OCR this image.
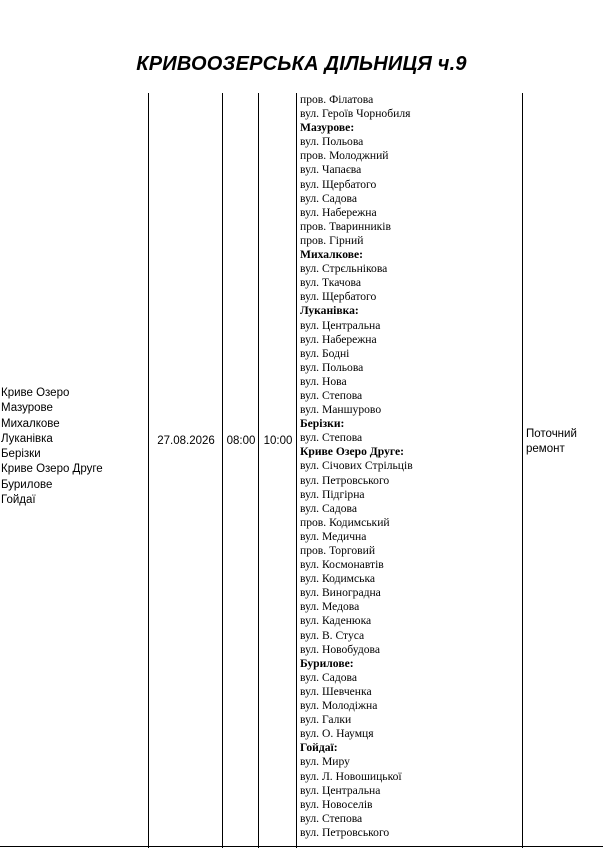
КРИВООЗЕРСЬКА ДІЛЬНИЦЯ ч.9
Криве Озеро
Мазурове
Михалкове
Луканівка
Берізки
Криве Озеро Друге
Бурилове
Гойдаї
27.08.2026	08:00 10:00
пров. Філатова
вул. Героїв Чорнобиля
Мазурове:
вул. Польова
пров. Молоджний
вул. Чапаєва
вул. Щербатого
вул. Садова
вул. Набережна
пров. Тваринників
пров. Гірний
Михалкове:
вул. Стрєльнікова
вул. Ткачова
вул. Щербатого
Луканівка:
вул. Центральна
вул. Набережна
вул. Бодні
вул. Польова
вул. Нова
вул. Степова
вул. Маншурово
Берізки:
вул. Степова
Криве Озеро Друге:
вул. Січових Стрільців
вул. Петровського
вул. Підгірна
вул. Садова
пров. Кодимський
вул. Медична
пров. Торговий
вул. Космонавтів
вул. Кодимська
вул. Виноградна
вул. Медова
вул. Каденюка
вул. В. Стуса
вул. Новобудова
Бурилове:
вул. Садова
вул. Шевченка
вул. Молодіжна
вул. Галки
вул. О. Наумця
Гойдаї:
вул. Миру
вул. Л. Новошицької
вул. Центральна
вул. Новоселів
вул. Степова
вул. Петровського
Поточний
ремонт
